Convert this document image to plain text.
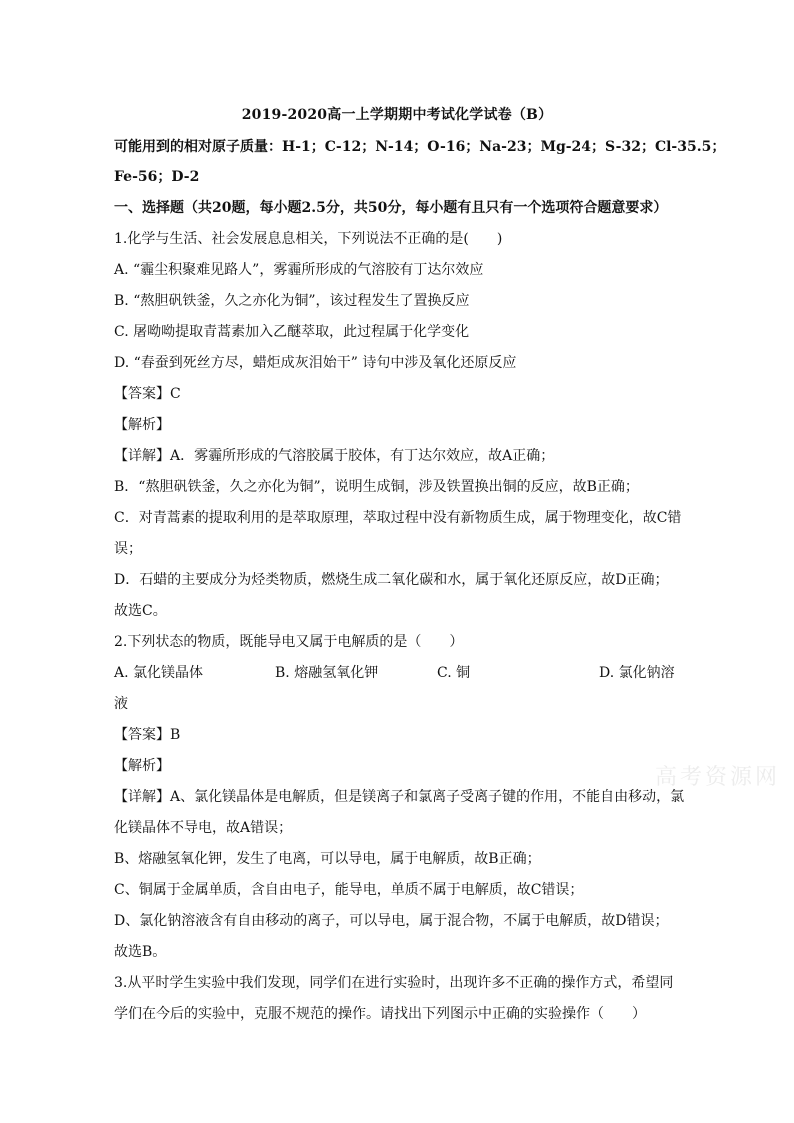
2019-2020高一上学期期中考试化学试卷（B）
可能用到的相对原子质量：H-1；C-12；N-14；O-16；Na-23；Mg-24；S-32；Cl-35.5；
Fe-56；D-2
一、选择题（共20题，每小题2.5分，共50分，每小题有且只有一个选项符合题意要求）
1.化学与生活、社会发展息息相关，下列说法不正确的是(　　)
A. “霾尘积聚难见路人”，雾霾所形成的气溶胶有丁达尔效应
B. “熬胆矾铁釜，久之亦化为铜”，该过程发生了置换反应
C. 屠呦呦提取青蒿素加入乙醚萃取，此过程属于化学变化
D. “春蚕到死丝方尽，蜡炬成灰泪始干” 诗句中涉及氧化还原反应
【答案】C
【解析】
【详解】A．雾霾所形成的气溶胶属于胶体，有丁达尔效应，故A正确；
B．“熬胆矾铁釜，久之亦化为铜”，说明生成铜，涉及铁置换出铜的反应，故B正确；
C．对青蒿素的提取利用的是萃取原理，萃取过程中没有新物质生成，属于物理变化，故C错
误；
D．石蜡的主要成分为烃类物质，燃烧生成二氧化碳和水，属于氧化还原反应，故D正确；
故选C。
2.下列状态的物质，既能导电又属于电解质的是（　　）
A. 氯化镁晶体	B. 熔融氢氧化钾	C. 铜	D. 氯化钠溶
液
【答案】B
【解析】
【详解】A、氯化镁晶体是电解质，但是镁离子和氯离子受离子键的作用，不能自由移动，氯
化镁晶体不导电，故A错误；
B、熔融氢氧化钾，发生了电离，可以导电，属于电解质，故B正确；
C、铜属于金属单质，含自由电子，能导电，单质不属于电解质，故C错误；
D、氯化钠溶液含有自由移动的离子，可以导电，属于混合物，不属于电解质，故D错误；
故选B。
3.从平时学生实验中我们发现，同学们在进行实验时，出现许多不正确的操作方式，希望同
学们在今后的实验中，克服不规范的操作。请找出下列图示中正确的实验操作（　　）
高考资源网
